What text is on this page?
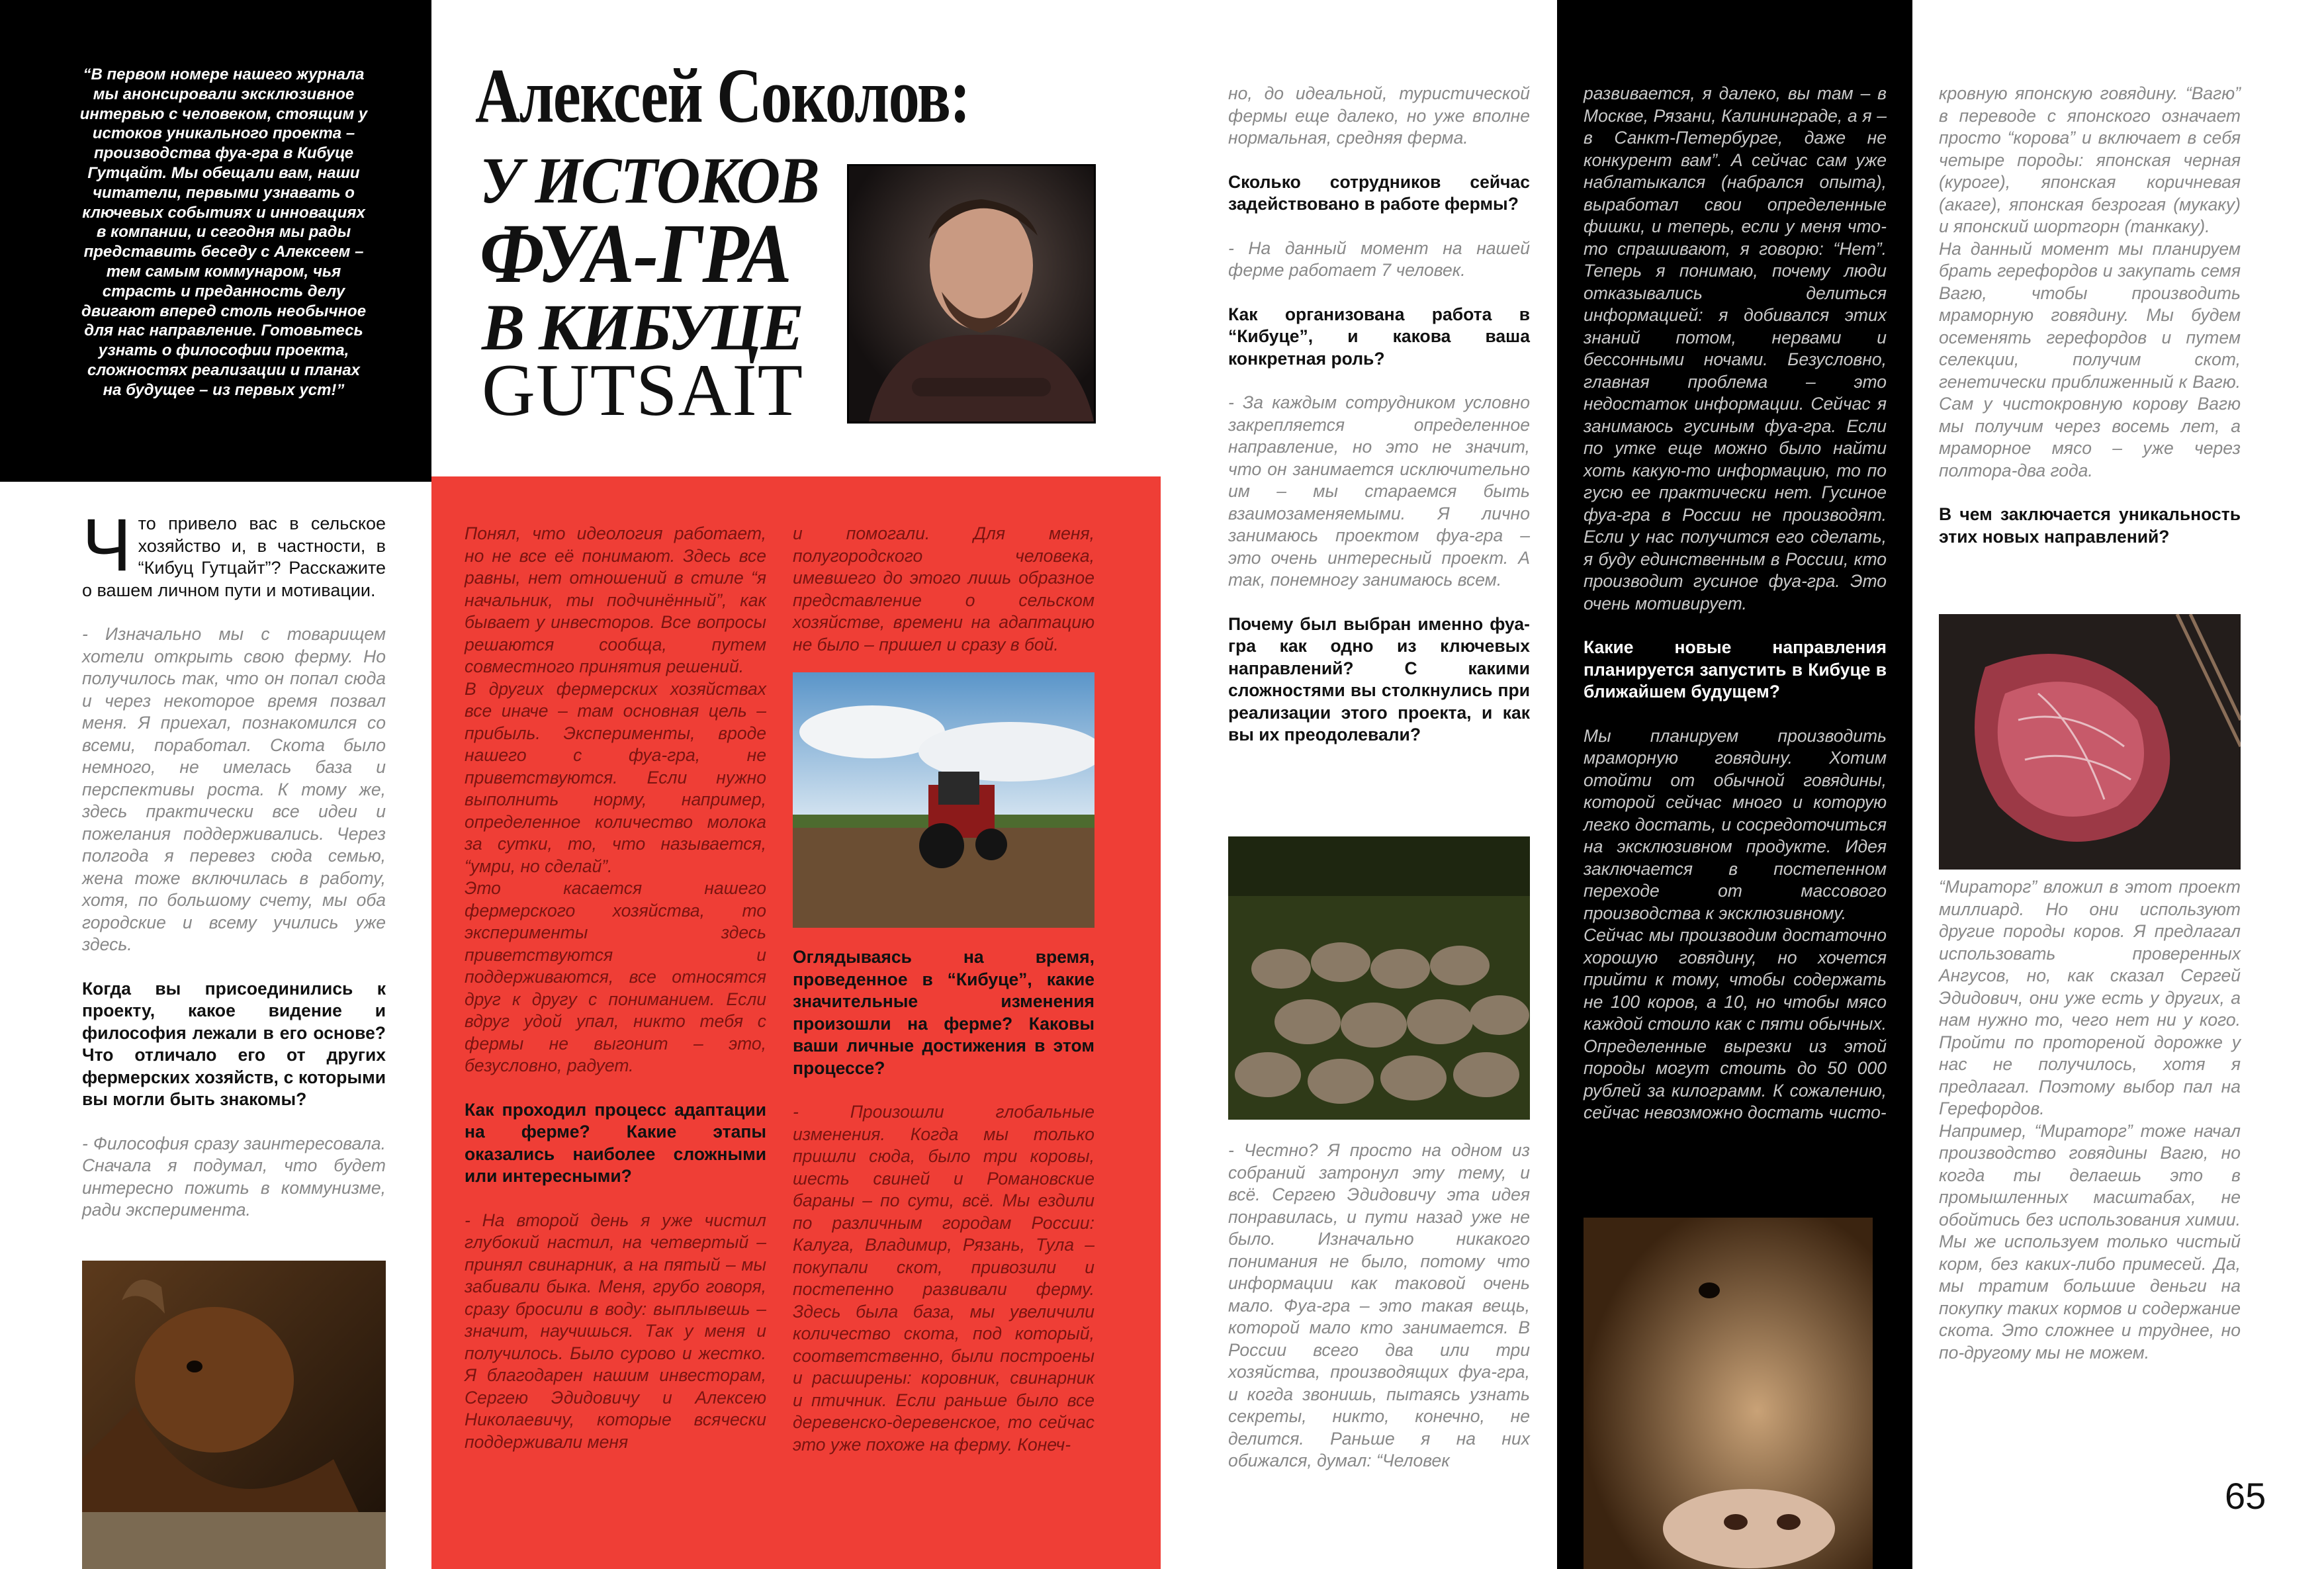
“В первом номере нашего журнала мы анонсировали эксклюзивное интервью с человеком, стоящим у истоков уникального проекта – производства фуа-гра в Кибуце Гутцайт. Мы обещали вам, наши читатели, первыми узнавать о ключевых событиях и инновациях в компании, и сегодня мы рады представить беседу с Алексеем – тем самым коммунаром, чья страсть и преданность делу двигают вперед столь необычное для нас направление. Готовьтесь узнать о философии проекта, сложностях реализации и планах на будущее – из первых уст!”
Алексей Соколов:
У ИСТОКОВ
ФУА-ГРА
В КИБУЦЕ
GUTSAIT
Ч то привело вас в сельское хозяйство и, в частности, в “Кибуц Гутцайт”? Расскажите о вашем личном пути и мотивации.

- Изначально мы с товарищем хотели открыть свою ферму. Но получилось так, что он попал сюда и через некоторое время позвал меня. Я приехал, познакомился со всеми, поработал. Скота было немного, не имелась база и перспективы роста. К тому же, здесь практически все идеи и пожелания поддерживались. Через полгода я перевез сюда семью, жена тоже включилась в работу, хотя, по большому счету, мы оба городские и всему учились уже здесь.

Когда вы присоединились к проекту, какое видение и философия лежали в его основе? Что отличало его от других фермерских хозяйств, с которыми вы могли быть знакомы?

- Философия сразу заинтересовала. Сначала я подумал, что будет интересно пожить в коммунизме, ради эксперимента.

Понял, что идеология работает, но не все её понимают. Здесь все равны, нет отношений в стиле “я начальник, ты подчинённый”, как бывает у инвесторов. Все вопросы решаются сообща, путем совместного принятия решений.
В других фермерских хозяйствах все иначе – там основная цель – прибыль. Эксперименты, вроде нашего с фуа-гра, не приветствуются. Если нужно выполнить норму, например, определенное количество молока за сутки, то, что называется, “умри, но сделай”.
Это касается нашего фермерского хозяйства, то эксперименты здесь приветствуются и поддерживаются, все относятся друг к другу с пониманием. Если вдруг удой упал, никто тебя с фермы не выгонит – это, безусловно, радует.

Как проходил процесс адаптации на ферме? Какие этапы оказались наиболее сложными или интересными?

- На второй день я уже чистил глубокий настил, на четвертый – принял свинарник, а на пятый – мы забивали быка. Меня, грубо говоря, сразу бросили в воду: выплывешь – значит, научишься. Так у меня и получилось. Было сурово и жестко. Я благодарен нашим инвесторам, Сергею Эдидовичу и Алексею Николаевичу, которые всячески поддерживали меня

и помогали. Для меня, полугородского человека, имевшего до этого лишь образное представление о сельском хозяйстве, времени на адаптацию не было – пришел и сразу в бой.

Оглядываясь на время, проведенное в “Кибуце”, какие значительные изменения произошли на ферме? Каковы ваши личные достижения в этом процессе?

- Произошли глобальные изменения. Когда мы только пришли сюда, было три коровы, шесть свиней и Романовские бараны – по сути, всё. Мы ездили по различным городам России: Калуга, Владимир, Рязань, Тула – покупали скот, привозили и постепенно развивали ферму. Здесь была база, мы увеличили количество скота, под который, соответственно, были построены и расширены: коровник, свинарник и птичник. Если раньше было все деревенско-деревенское, то сейчас это уже похоже на ферму. Конеч-

но, до идеальной, туристической фермы еще далеко, но уже вполне нормальная, средняя ферма.

Сколько сотрудников сейчас задействовано в работе фермы?

- На данный момент на нашей ферме работает 7 человек.

Как организована работа в “Кибуце”, и какова ваша конкретная роль?

- За каждым сотрудником условно закрепляется определенное направление, но это не значит, что он занимается исключительно им – мы стараемся быть взаимозаменяемыми. Я лично занимаюсь проектом фуа-гра – это очень интересный проект. А так, понемногу занимаюсь всем.

Почему был выбран именно фуа-гра как одно из ключевых направлений? С какими сложностями вы столкнулись при реализации этого проекта, и как вы их преодолевали?

- Честно? Я просто на одном из собраний затронул эту тему, и всё. Сергею Эдидовичу эта идея понравилась, и пути назад уже не было. Изначально никакого понимания не было, потому что информации как таковой очень мало. Фуа-гра – это такая вещь, которой мало кто занимается. В России всего два или три хозяйства, производящих фуа-гра, и когда звонишь, пытаясь узнать секреты, никто, конечно, не делится. Раньше я на них обижался, думал: “Человек

развивается, я далеко, вы там – в Москве, Рязани, Калининграде, а я – в Санкт-Петербурге, даже не конкурент вам”. А сейчас сам уже наблатыкался (набрался опыта), выработал свои определенные фишки, и теперь, если у меня что-то спрашивают, я говорю: “Нет”. Теперь я понимаю, почему люди отказывались делиться информацией: я добивался этих знаний потом, нервами и бессонными ночами. Безусловно, главная проблема – это недостаток информации. Сейчас я занимаюсь гусиным фуа-гра. Если по утке еще можно было найти хоть какую-то информацию, то по гусю ее практически нет. Гусиное фуа-гра в России не производят. Если у нас получится его сделать, я буду единственным в России, кто производит гусиное фуа-гра. Это очень мотивирует.

Какие новые направления планируется запустить в Кибуце в ближайшем будущем?

Мы планируем производить мраморную говядину. Хотим отойти от обычной говядины, которой сейчас много и которую легко достать, и сосредоточиться на эксклюзивном продукте. Идея заключается в постепенном переходе от массового производства к эксклюзивному.
Сейчас мы производим достаточно хорошую говядину, но хочется прийти к тому, чтобы содержать не 100 коров, а 10, но чтобы мясо каждой стоило как с пяти обычных. Определенные вырезки из этой породы могут стоить до 50 000 рублей за килограмм. К сожалению, сейчас невозможно достать чисто-

кровную японскую говядину. “Вагю” в переводе с японского означает просто “корова” и включает в себя четыре породы: японская черная (курогe), японская коричневая (акагe), японская безрогая (мукаку) и японский шортгорн (танкаку).
На данный момент мы планируем брать герефордов и закупать семя Вагю, чтобы производить мраморную говядину. Мы будем осеменять герефордов и путем селекции, получим скот, генетически приближенный к Вагю. Сам у чистокровную корову Вагю мы получим через восемь лет, а мраморное мясо – уже через полтора-два года.

В чем заключается уникальность этих новых направлений?

“Мираторг” вложил в этот проект миллиард. Но они используют другие породы коров. Я предлагал использовать проверенных Ангусов, но, как сказал Сергей Эдидович, они уже есть у других, а нам нужно то, чего нет ни у кого. Пройти по протореной дорожке у нас не получилось, хотя я предлагал. Поэтому выбор пал на Герефордов.
Например, “Мираторг” тоже начал производство говядины Вагю, но когда ты делаешь это в промышленных масштабах, не обойтись без использования химии. Мы же используем только чистый корм, без каких-либо примесей. Да, мы тратим большие деньги на покупку таких кормов и содержание скота. Это сложнее и труднее, но по-другому мы не можем.

65
